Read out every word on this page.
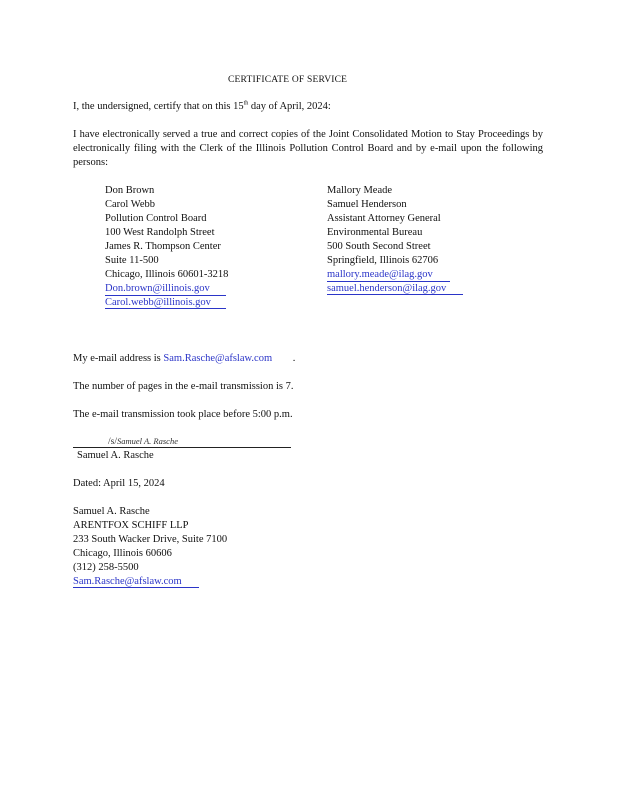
CERTIFICATE OF SERVICE
I, the undersigned, certify that on this 15th day of April, 2024:
I have electronically served a true and correct copies of the Joint Consolidated Motion to Stay Proceedings by electronically filing with the Clerk of the Illinois Pollution Control Board and by e-mail upon the following persons:
Don Brown
Carol Webb
Pollution Control Board
100 West Randolph Street
James R. Thompson Center
Suite 11-500
Chicago, Illinois 60601-3218
Don.brown@illinois.gov
Carol.webb@illinois.gov
Mallory Meade
Samuel Henderson
Assistant Attorney General
Environmental Bureau
500 South Second Street
Springfield, Illinois 62706
mallory.meade@ilag.gov
samuel.henderson@ilag.gov
My e-mail address is Sam.Rasche@afslaw.com .
The number of pages in the e-mail transmission is 7.
The e-mail transmission took place before 5:00 p.m.
/s/Samuel A. Rasche
Samuel A. Rasche
Dated: April 15, 2024
Samuel A. Rasche
ARENTFOX SCHIFF LLP
233 South Wacker Drive, Suite 7100
Chicago, Illinois 60606
(312) 258-5500
Sam.Rasche@afslaw.com
